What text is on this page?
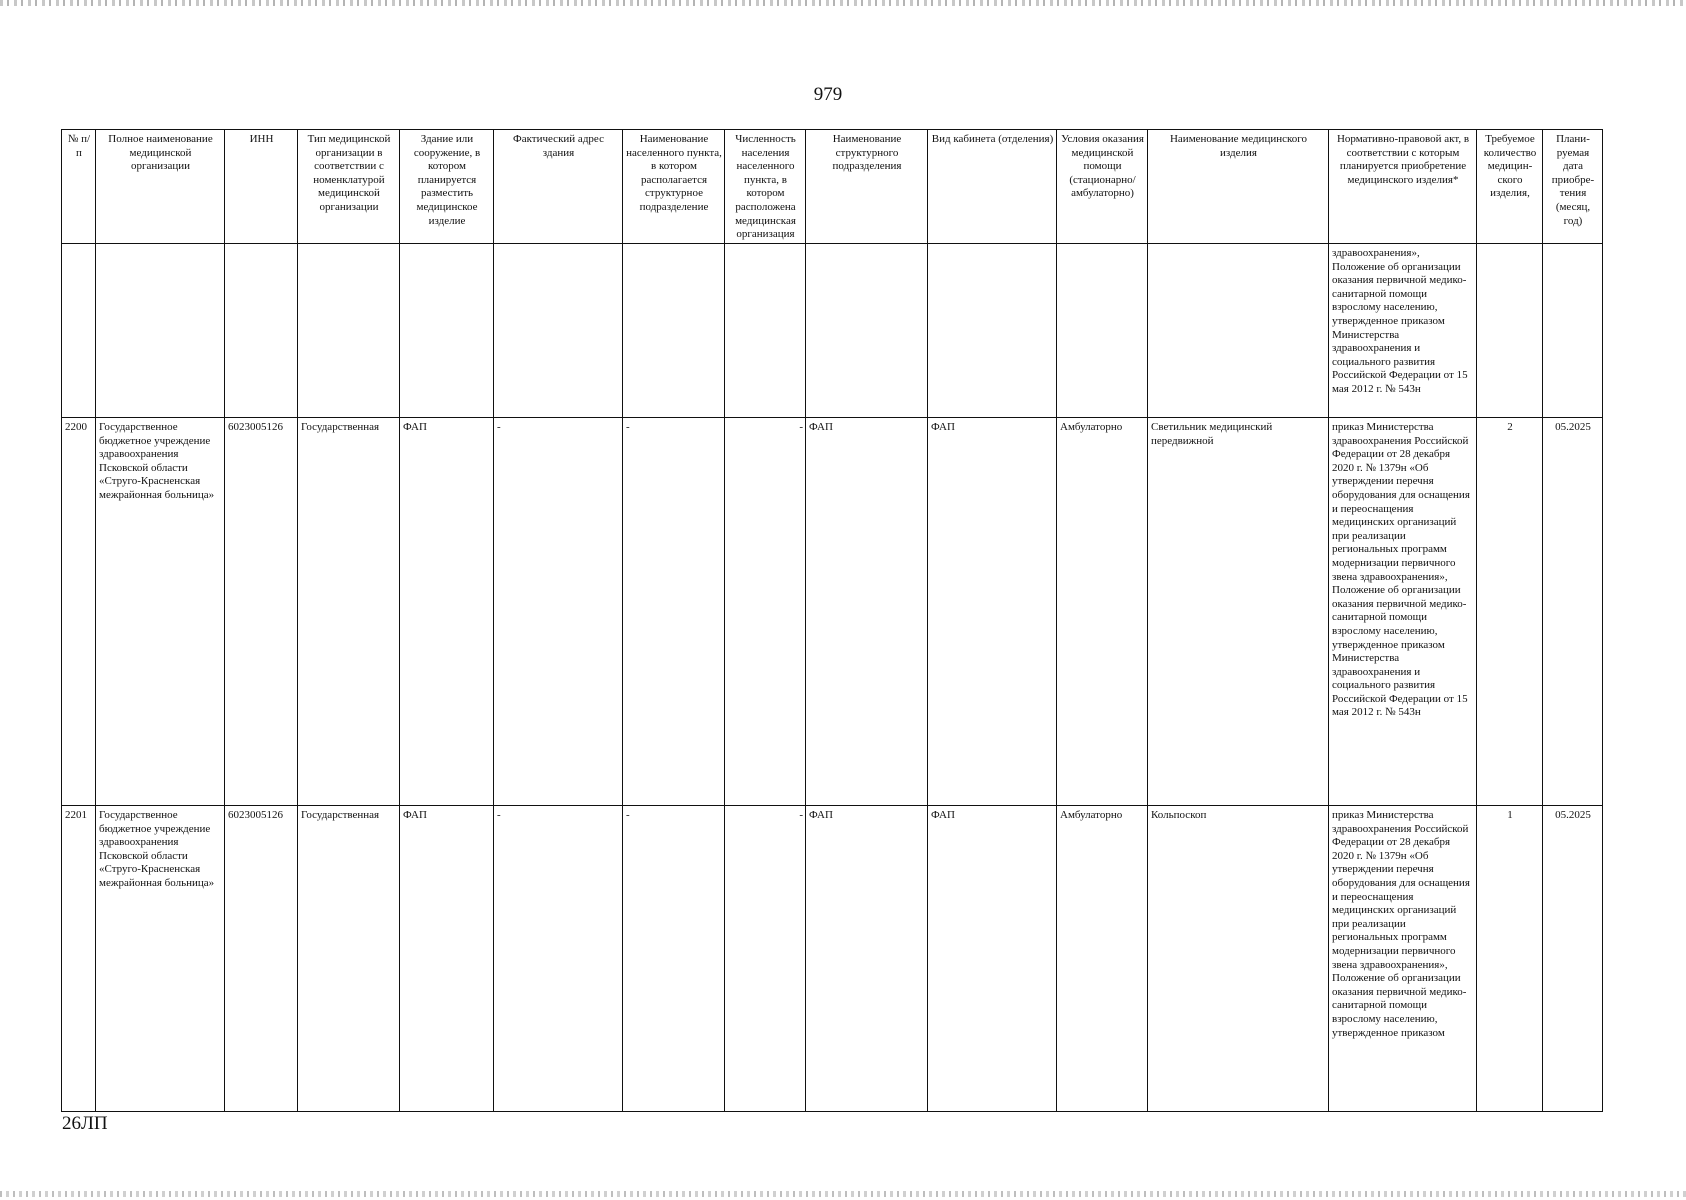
979
№ п/п	Полное наименование медицинской организации	ИНН	Тип медицинской организации в соответствии с номенклатурой медицинской организации	Здание или сооружение, в котором планируется разместить медицинское изделие	Фактический адрес здания	Наименование населенного пункта, в котором располагается структурное подразделение	Численность населения населенного пункта, в котором расположена медицинская организация	Наименование структурного подразделения	Вид кабинета (отделения)	Условия оказания медицинской помощи (стационарно/ амбулаторно)	Наименование медицинского изделия	Нормативно-правовой акт, в соответствии с которым планируется приобретение медицинского изделия*	Требуемое количество медицин-ского изделия,	Плани-руемая дата приобре-тения (месяц, год)
												здравоохранения», Положение об организации оказания первичной медико-санитарной помощи взрослому населению, утвержденное приказом Министерства здравоохранения и социального развития Российской Федерации от 15 мая 2012 г. № 543н		
2200	Государственное бюджетное учреждение здравоохранения Псковской области «Струго-Красненская межрайонная больница»	6023005126	Государственная	ФАП	-	-	-	ФАП	ФАП	Амбулаторно	Светильник медицинский передвижной	приказ Министерства здравоохранения Российской Федерации от 28 декабря 2020 г. № 1379н «Об утверждении перечня оборудования для оснащения и переоснащения медицинских организаций при реализации региональных программ модернизации первичного звена здравоохранения», Положение об организации оказания первичной медико-санитарной помощи взрослому населению, утвержденное приказом Министерства здравоохранения и социального развития Российской Федерации от 15 мая 2012 г. № 543н	2	05.2025
2201	Государственное бюджетное учреждение здравоохранения Псковской области «Струго-Красненская межрайонная больница»	6023005126	Государственная	ФАП	-	-	-	ФАП	ФАП	Амбулаторно	Кольпоскоп	приказ Министерства здравоохранения Российской Федерации от 28 декабря 2020 г. № 1379н «Об утверждении перечня оборудования для оснащения и переоснащения медицинских организаций при реализации региональных программ модернизации первичного звена здравоохранения», Положение об организации оказания первичной медико-санитарной помощи взрослому населению, утвержденное приказом	1	05.2025
26ЛП
